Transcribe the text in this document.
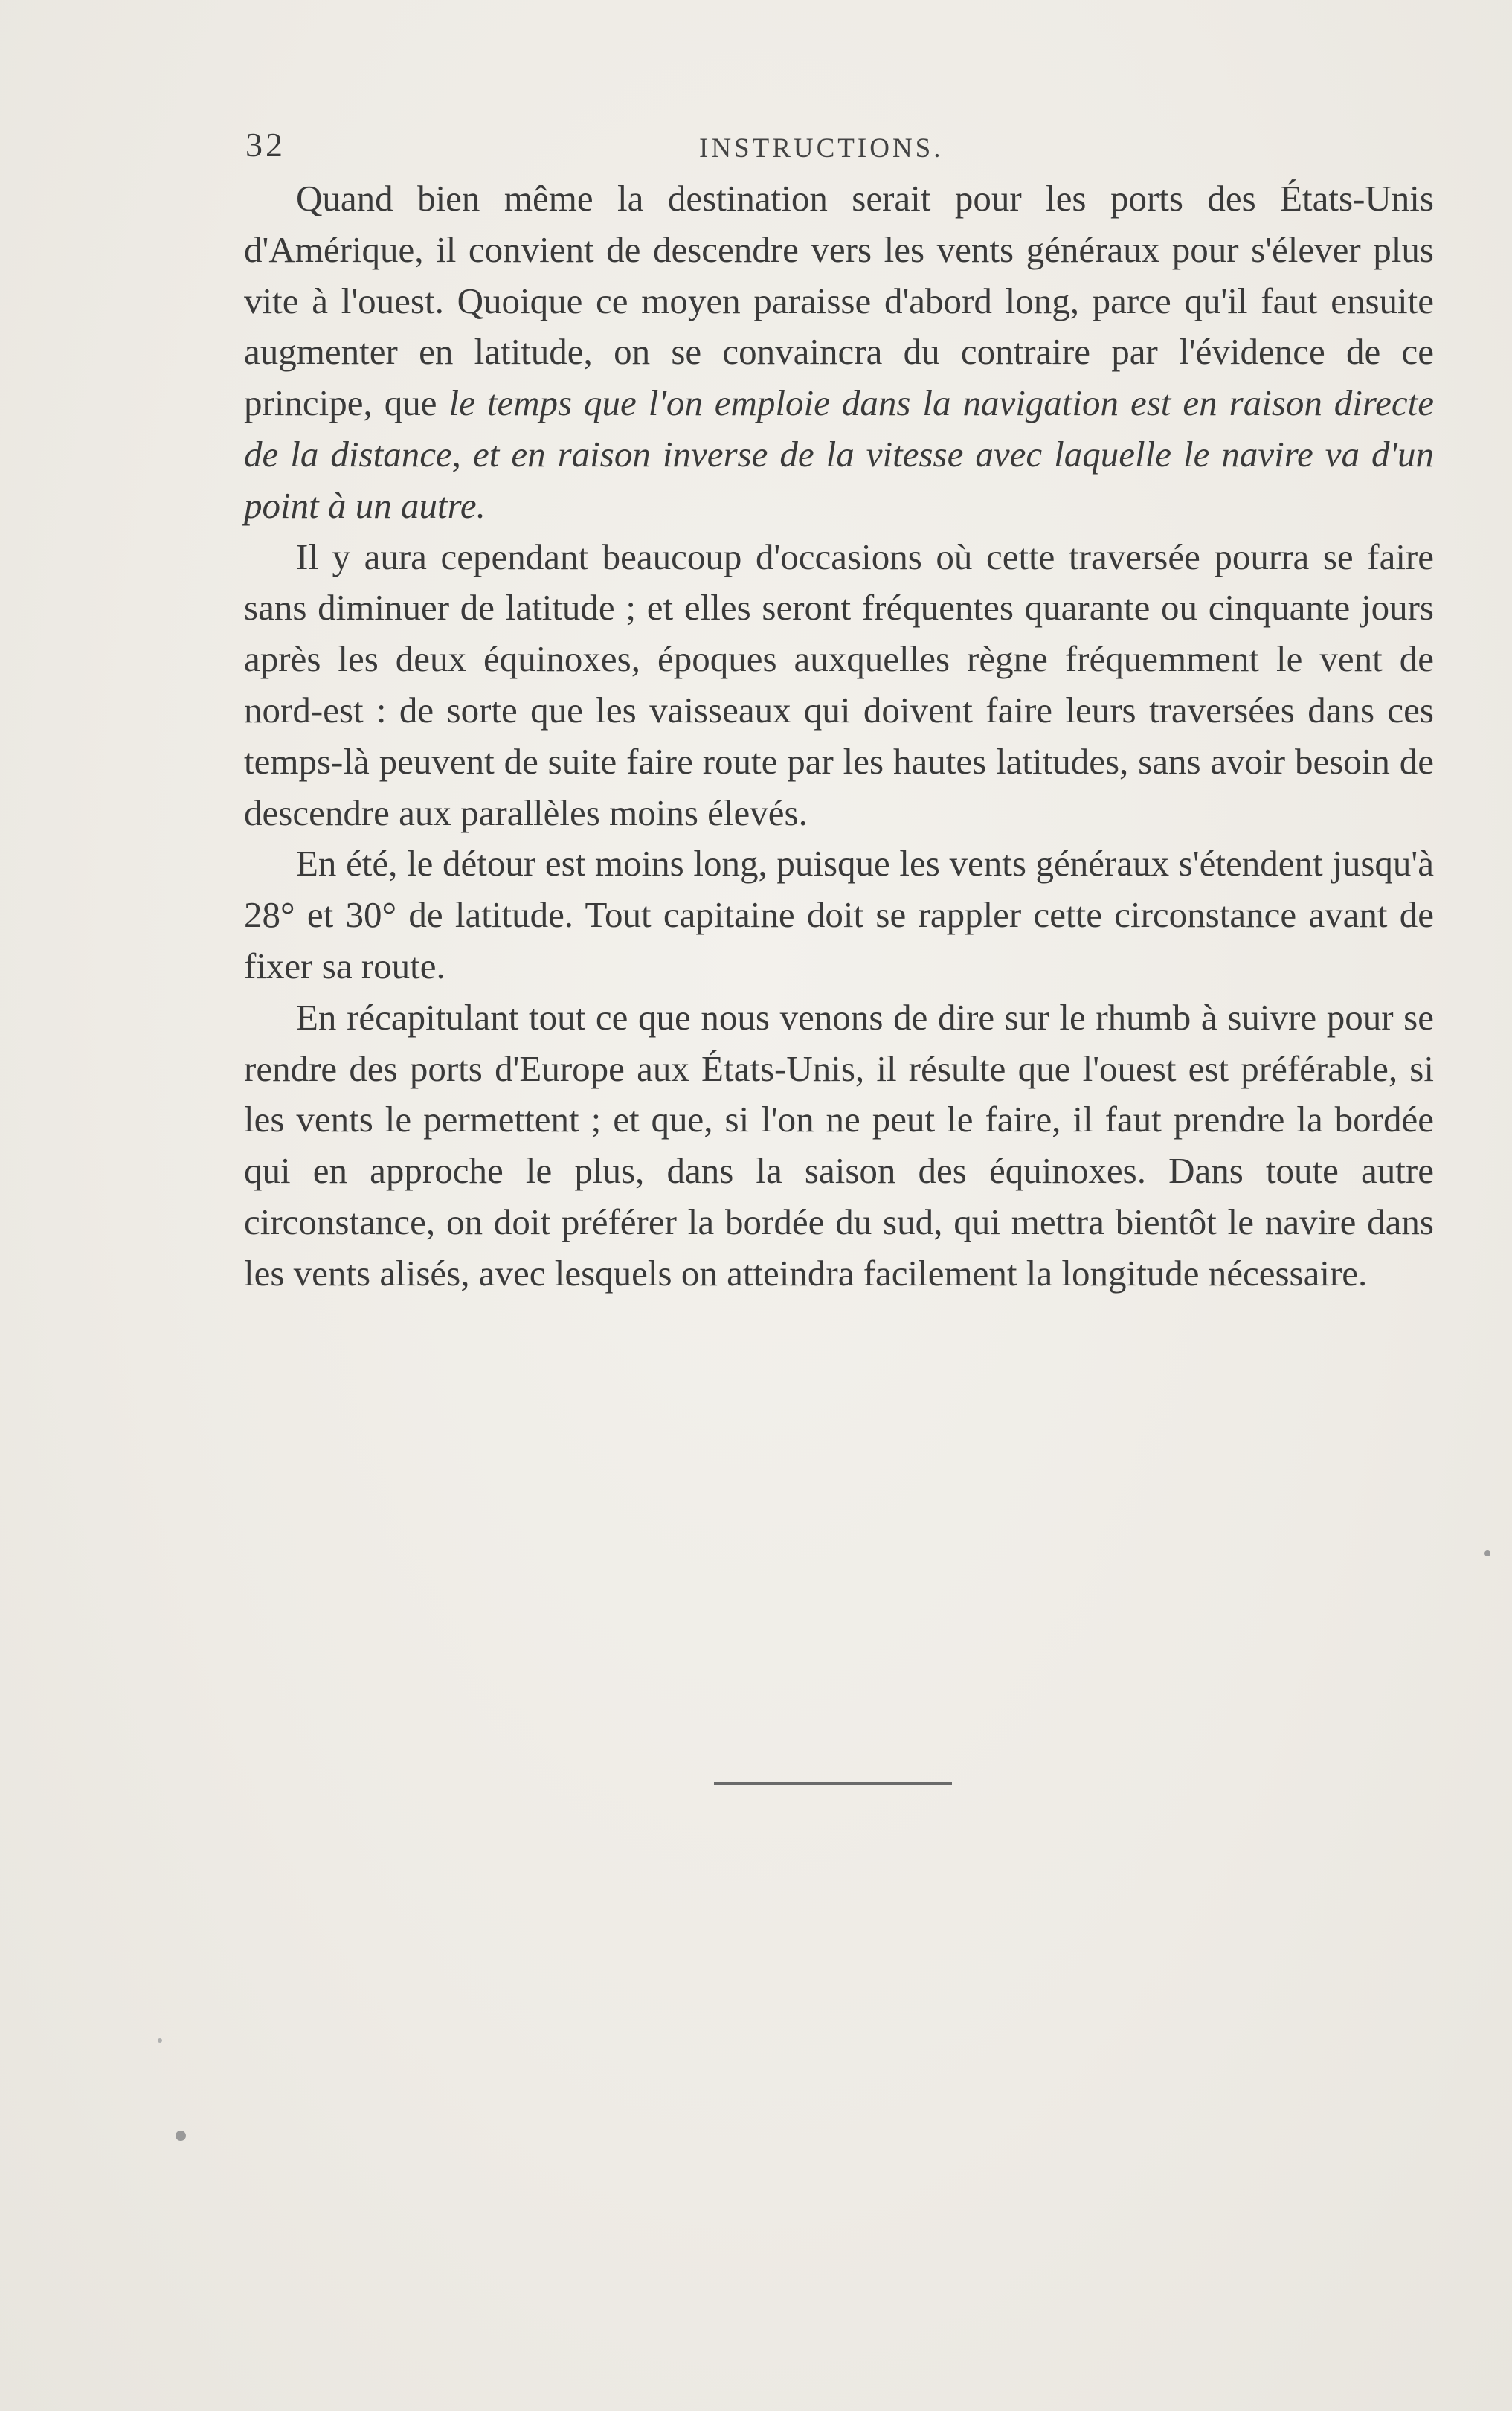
32	INSTRUCTIONS.

Quand bien même la destination serait pour les ports des États-Unis d'Amérique, il convient de descendre vers les vents généraux pour s'élever plus vite à l'ouest. Quoique ce moyen paraisse d'abord long, parce qu'il faut ensuite augmenter en latitude, on se convaincra du contraire par l'évidence de ce principe, que le temps que l'on emploie dans la navigation est en raison directe de la distance, et en raison inverse de la vitesse avec laquelle le navire va d'un point à un autre.

Il y aura cependant beaucoup d'occasions où cette traversée pourra se faire sans diminuer de latitude ; et elles seront fréquentes quarante ou cinquante jours après les deux équinoxes, époques auxquelles règne fréquemment le vent de nord-est : de sorte que les vaisseaux qui doivent faire leurs traversées dans ces temps-là peuvent de suite faire route par les hautes latitudes, sans avoir besoin de descendre aux parallèles moins élevés.

En été, le détour est moins long, puisque les vents généraux s'étendent jusqu'à 28° et 30° de latitude. Tout capitaine doit se rappler cette circonstance avant de fixer sa route.

En récapitulant tout ce que nous venons de dire sur le rhumb à suivre pour se rendre des ports d'Europe aux États-Unis, il résulte que l'ouest est préférable, si les vents le permettent ; et que, si l'on ne peut le faire, il faut prendre la bordée qui en approche le plus, dans la saison des équinoxes. Dans toute autre circonstance, on doit préférer la bordée du sud, qui mettra bientôt le navire dans les vents alisés, avec lesquels on atteindra facilement la longitude nécessaire.
